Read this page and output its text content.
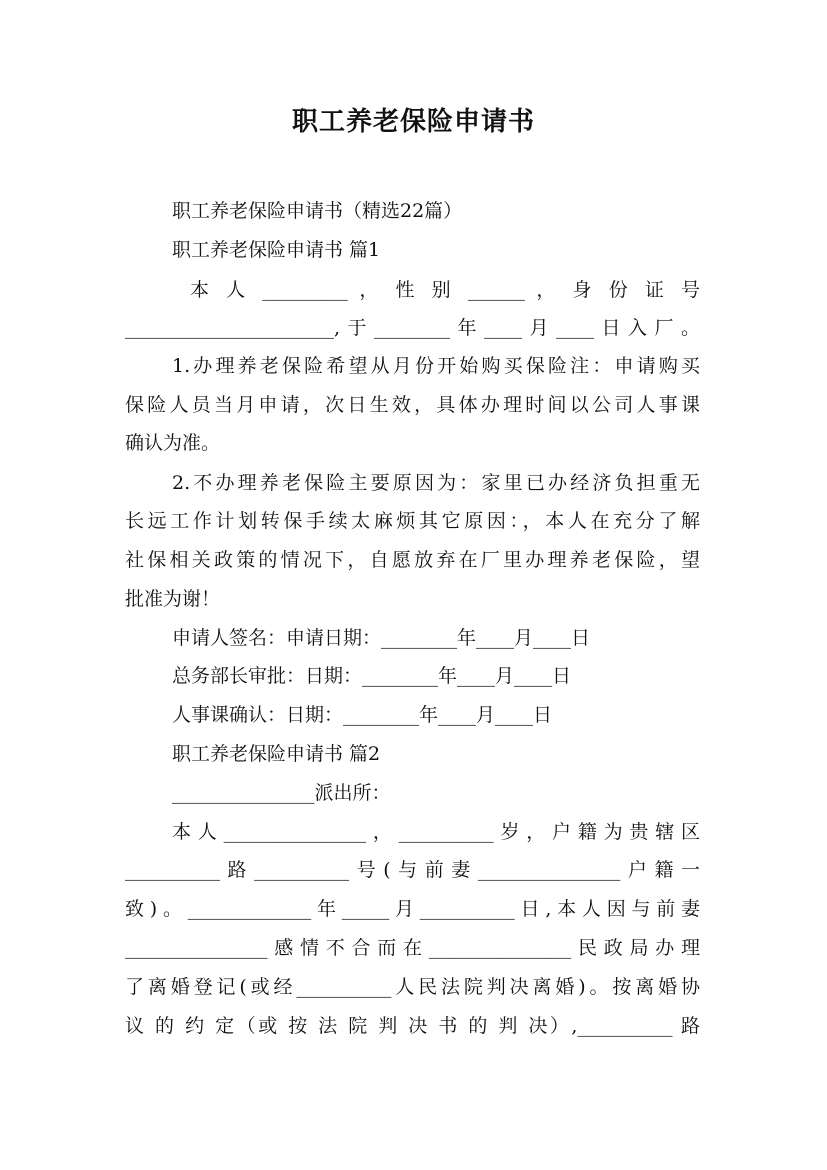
职工养老保险申请书
职工养老保险申请书（精选22篇）
职工养老保险申请书 篇1
本 人 _________ ， 性 别 ______ ， 身 份 证 号
______________________,于________年____月____日入厂。
1.办理养老保险希望从月份开始购买保险注：申请购买
保险人员当月申请，次日生效，具体办理时间以公司人事课
确认为准。
2.不办理养老保险主要原因为：家里已办经济负担重无
长远工作计划转保手续太麻烦其它原因：，本人在充分了解
社保相关政策的情况下，自愿放弃在厂里办理养老保险，望
批准为谢！
申请人签名：申请日期：________年____月____日
总务部长审批：日期：________年____月____日
人事课确认：日期：________年____月____日
职工养老保险申请书 篇2
_______________派出所：
本人_______________，__________岁，户籍为贵辖区
__________路__________号(与前妻_______________户籍一
致)。_____________年_____月__________日,本人因与前妻
_______________感情不合而在_______________民政局办理
了离婚登记(或经__________人民法院判决离婚)。按离婚协
议 的 约 定（或 按 法 院 判 决 书 的 判 决）,__________ 路
